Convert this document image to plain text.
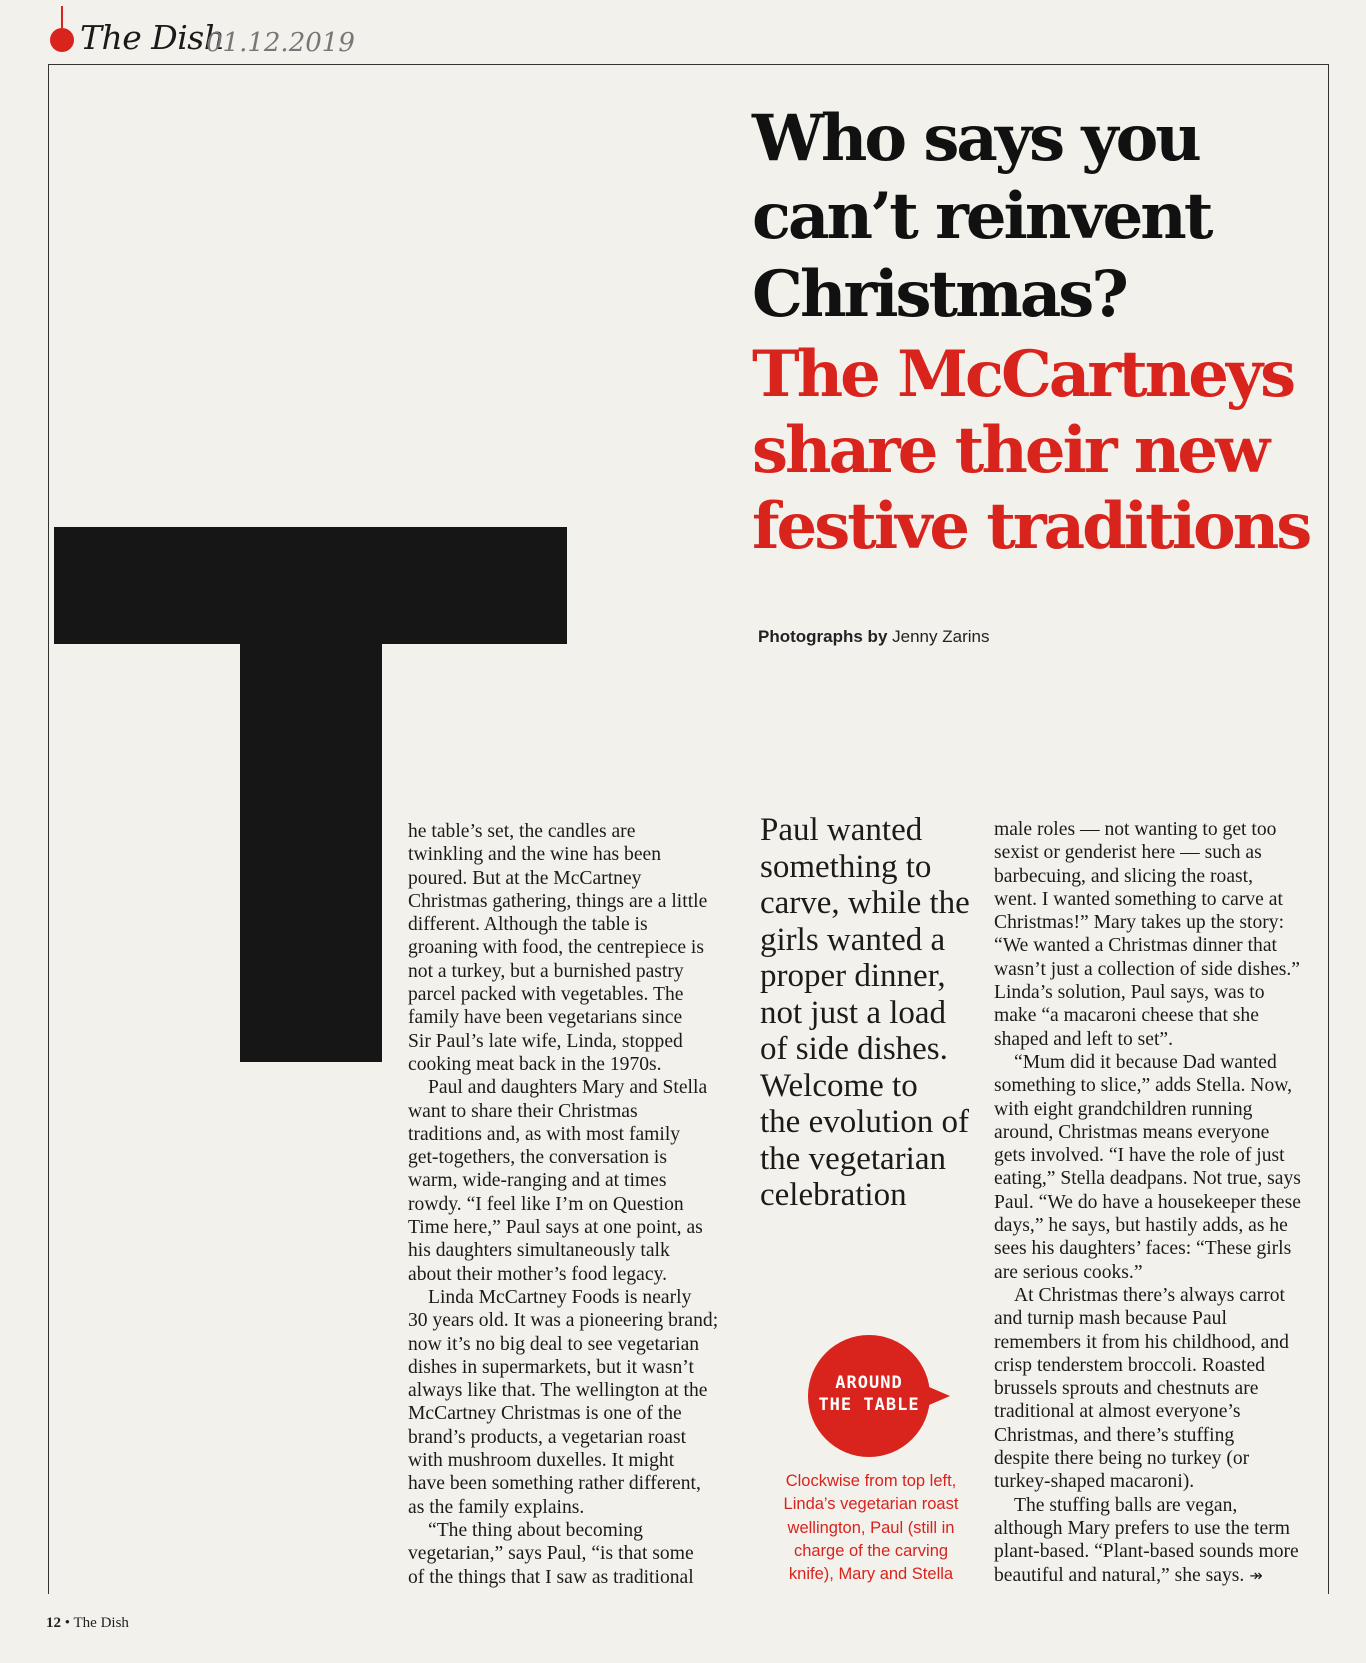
The Dish
01.12.2019
Who says you
can’t reinvent
Christmas?
The McCartneys
share their new
festive traditions
Photographs by Jenny Zarins
he table’s set, the candles are
twinkling and the wine has been
poured. But at the McCartney
Christmas gathering, things are a little
different. Although the table is
groaning with food, the centrepiece is
not a turkey, but a burnished pastry
parcel packed with vegetables. The
family have been vegetarians since
Sir Paul’s late wife, Linda, stopped
cooking meat back in the 1970s.
Paul and daughters Mary and Stella
want to share their Christmas
traditions and, as with most family
get-togethers, the conversation is
warm, wide-ranging and at times
rowdy. “I feel like I’m on Question
Time here,” Paul says at one point, as
his daughters simultaneously talk
about their mother’s food legacy.
Linda McCartney Foods is nearly
30 years old. It was a pioneering brand;
now it’s no big deal to see vegetarian
dishes in supermarkets, but it wasn’t
always like that. The wellington at the
McCartney Christmas is one of the
brand’s products, a vegetarian roast
with mushroom duxelles. It might
have been something rather different,
as the family explains.
“The thing about becoming
vegetarian,” says Paul, “is that some
of the things that I saw as traditional
Paul wanted
something to
carve, while the
girls wanted a
proper dinner,
not just a load
of side dishes.
Welcome to
the evolution of
the vegetarian
celebration
male roles — not wanting to get too
sexist or genderist here — such as
barbecuing, and slicing the roast,
went. I wanted something to carve at
Christmas!” Mary takes up the story:
“We wanted a Christmas dinner that
wasn’t just a collection of side dishes.”
Linda’s solution, Paul says, was to
make “a macaroni cheese that she
shaped and left to set”.
“Mum did it because Dad wanted
something to slice,” adds Stella. Now,
with eight grandchildren running
around, Christmas means everyone
gets involved. “I have the role of just
eating,” Stella deadpans. Not true, says
Paul. “We do have a housekeeper these
days,” he says, but hastily adds, as he
sees his daughters’ faces: “These girls
are serious cooks.”
At Christmas there’s always carrot
and turnip mash because Paul
remembers it from his childhood, and
crisp tenderstem broccoli. Roasted
brussels sprouts and chestnuts are
traditional at almost everyone’s
Christmas, and there’s stuffing
despite there being no turkey (or
turkey-shaped macaroni).
The stuffing balls are vegan,
although Mary prefers to use the term
plant-based. “Plant-based sounds more
beautiful and natural,” she says. ↠
AROUND
THE TABLE
Clockwise from top left,
Linda’s vegetarian roast
wellington, Paul (still in
charge of the carving
knife), Mary and Stella
12 • The Dish
